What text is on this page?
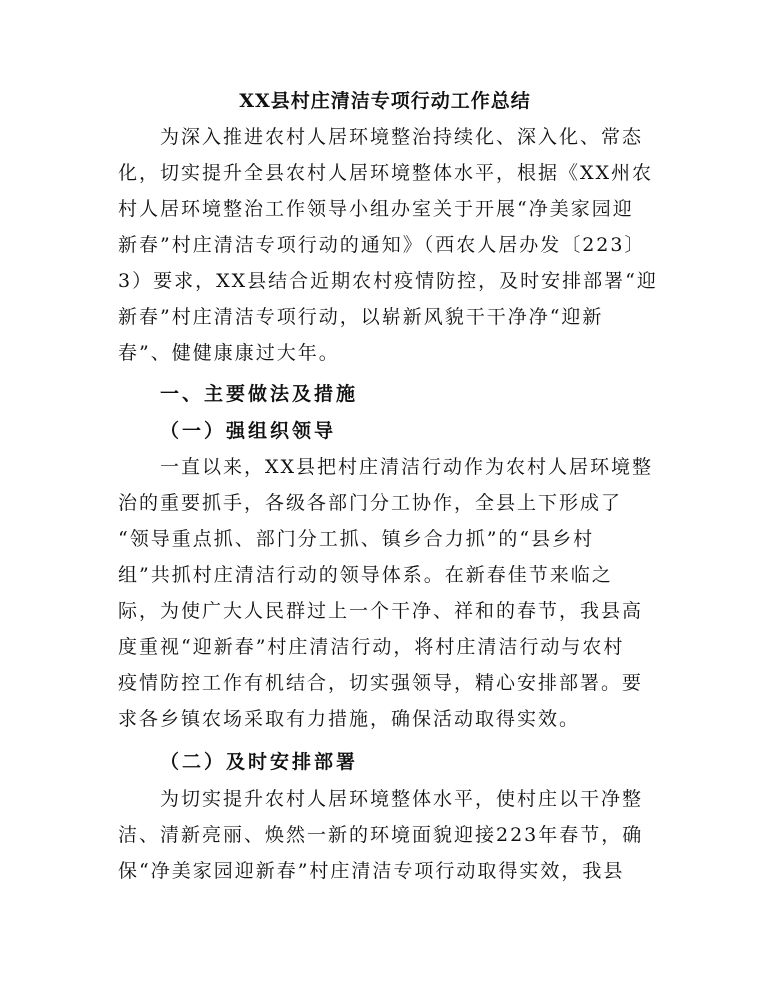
XX县村庄清洁专项行动工作总结
为深入推进农村人居环境整治持续化、深入化、常态
化，切实提升全县农村人居环境整体水平，根据《XX州农
村人居环境整治工作领导小组办室关于开展“净美家园迎
新春”村庄清洁专项行动的通知》（西农人居办发〔223〕
3）要求，XX县结合近期农村疫情防控，及时安排部署“迎
新春”村庄清洁专项行动，以崭新风貌干干净净“迎新
春”、健健康康过大年。
一、主要做法及措施
（一）强组织领导
一直以来，XX县把村庄清洁行动作为农村人居环境整
治的重要抓手，各级各部门分工协作，全县上下形成了
“领导重点抓、部门分工抓、镇乡合力抓”的“县乡村
组”共抓村庄清洁行动的领导体系。在新春佳节来临之
际，为使广大人民群过上一个干净、祥和的春节，我县高
度重视“迎新春”村庄清洁行动，将村庄清洁行动与农村
疫情防控工作有机结合，切实强领导，精心安排部署。要
求各乡镇农场采取有力措施，确保活动取得实效。
（二）及时安排部署
为切实提升农村人居环境整体水平，使村庄以干净整
洁、清新亮丽、焕然一新的环境面貌迎接223年春节，确
保“净美家园迎新春”村庄清洁专项行动取得实效，我县
